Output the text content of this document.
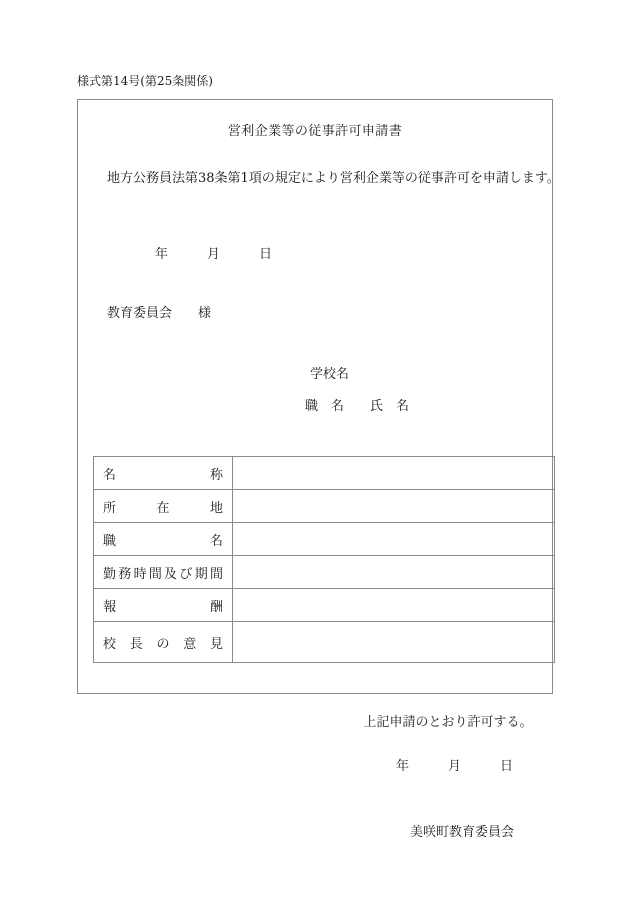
様式第14号(第25条関係)
営利企業等の従事許可申請書
地方公務員法第38条第1項の規定により営利企業等の従事許可を申請します。
年　　　月　　　日
教育委員会　　様
学校名
職　名　　氏　名
名称	

所在地	

職名	

勤務時間及び期間	

報酬	

校長の意見	

上記申請のとおり許可する。

年　　　月　　　日

美咲町教育委員会
